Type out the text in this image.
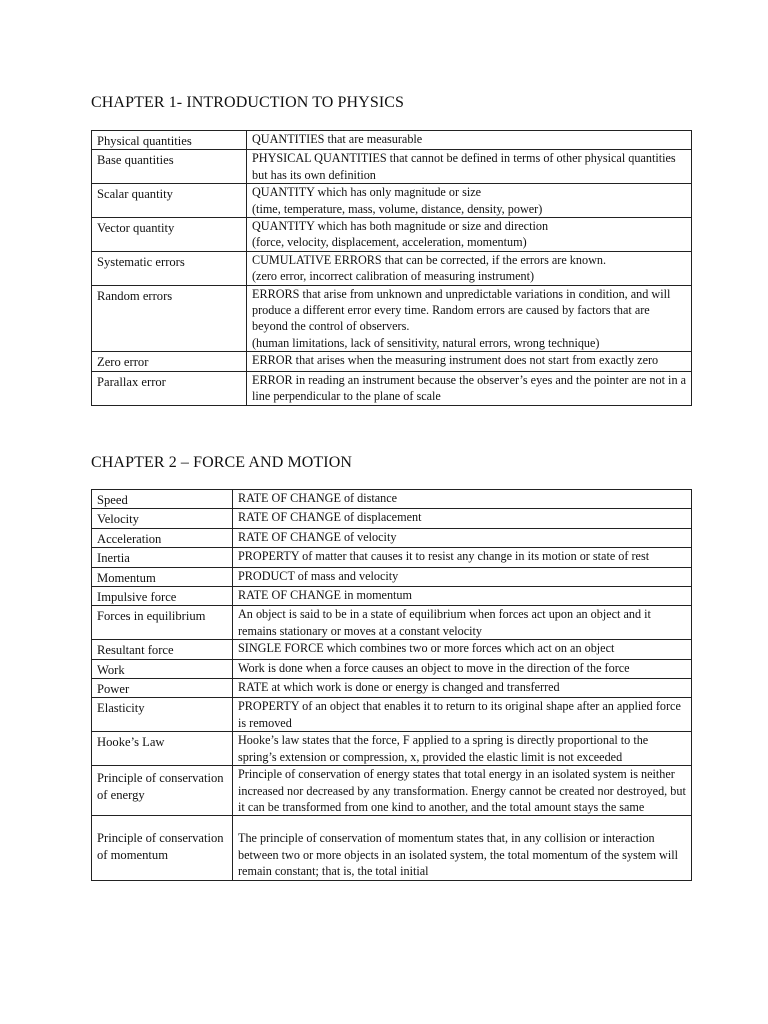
CHAPTER 1- INTRODUCTION TO PHYSICS
Physical quantities	QUANTITIES that are measurable
Base quantities	PHYSICAL QUANTITIES that cannot be defined in terms of other physical quantities but has its own definition
Scalar quantity	QUANTITY which has only magnitude or size
(time, temperature, mass, volume, distance, density, power)

Vector quantity	QUANTITY which has both magnitude or size and direction
(force, velocity, displacement, acceleration, momentum)

Systematic errors	CUMULATIVE ERRORS that can be corrected, if the errors are known.
(zero error, incorrect calibration of measuring instrument)

Random errors	ERRORS that arise from unknown and unpredictable variations in condition, and will produce a different error every time. Random errors are caused by factors that are beyond the control of observers.
(human limitations, lack of sensitivity, natural errors, wrong technique)

Zero error	ERROR that arises when the measuring instrument does not start from exactly zero
Parallax error	ERROR in reading an instrument because the observer’s eyes and the pointer are not in a line perpendicular to the plane of scale
CHAPTER 2 – FORCE AND MOTION
Speed	RATE OF CHANGE of distance
Velocity	RATE OF CHANGE of displacement
Acceleration	RATE OF CHANGE of velocity
Inertia	PROPERTY of matter that causes it to resist any change in its motion or state of rest
Momentum	PRODUCT of mass and velocity
Impulsive force	RATE OF CHANGE in momentum
Forces in equilibrium	An object is said to be in a state of equilibrium when forces act upon an object and it remains stationary or moves at a constant velocity
Resultant force	SINGLE FORCE which combines two or more forces which act on an object
Work	Work is done when a force causes an object to move in the direction of the force
Power	RATE at which work is done or energy is changed and transferred
Elasticity	PROPERTY of an object that enables it to return to its original shape after an applied force is removed
Hooke’s Law	Hooke’s law states that the force, F applied to a spring is directly proportional to the spring’s extension or compression, x, provided the elastic limit is not exceeded
Principle of conservation of energy	Principle of conservation of energy states that total energy in an isolated system is neither increased nor decreased by any transformation. Energy cannot be created nor destroyed, but it can be transformed from one kind to another, and the total amount stays the same
Principle of conservation of momentum	The principle of conservation of momentum states that, in any collision or interaction between two or more objects in an isolated system, the total momentum of the system will remain constant; that is, the total initial
